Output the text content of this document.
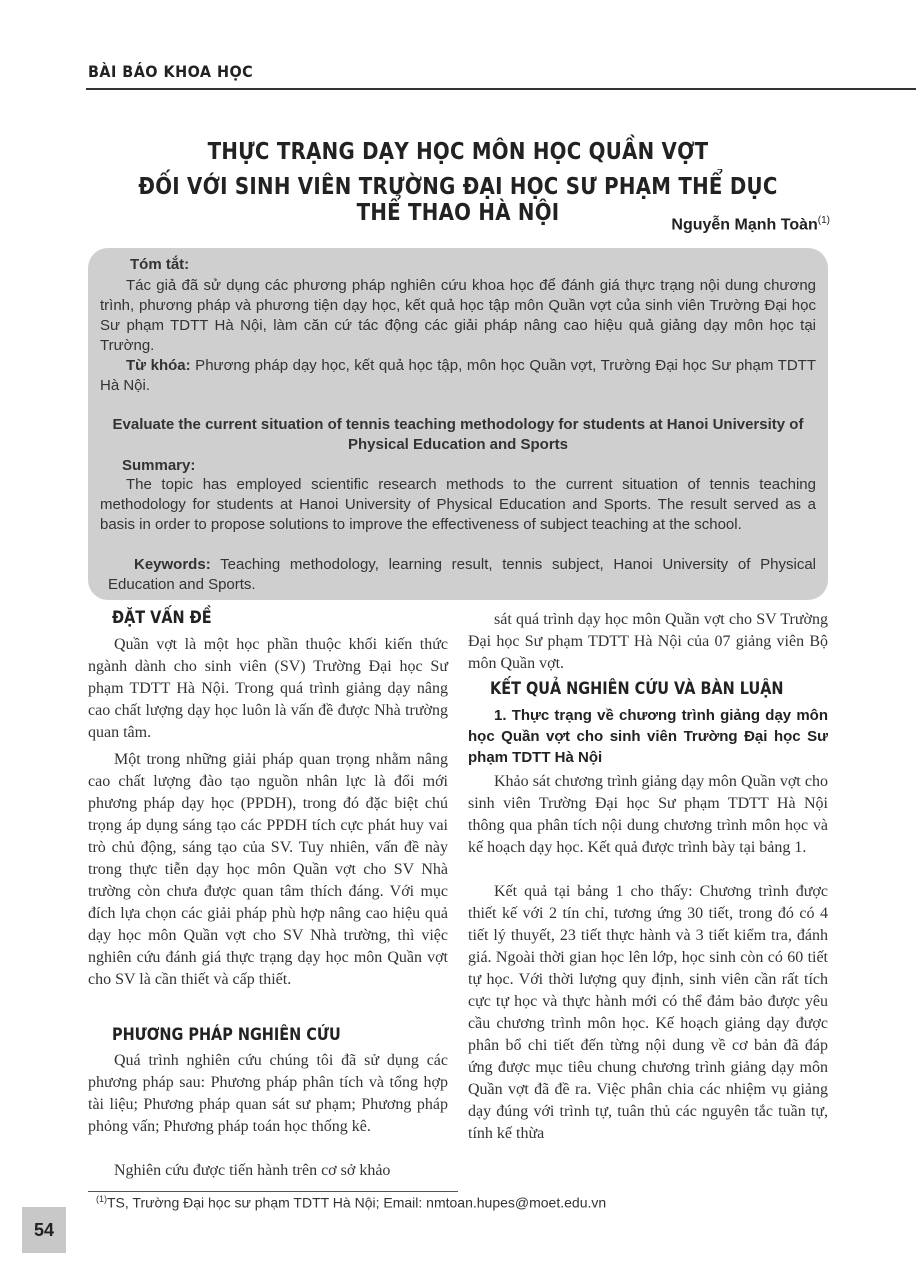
BÀI BÁO KHOA HỌC
THỰC TRẠNG DẠY HỌC MÔN HỌC QUẦN VỢT
ĐỐI VỚI SINH VIÊN TRƯỜNG ĐẠI HỌC SƯ PHẠM THỂ DỤC THỂ THAO HÀ NỘI	Nguyễn Mạnh Toàn$^{(1)}$
Tóm tắt:

Tác giả đã sử dụng các phương pháp nghiên cứu khoa học để đánh giá thực trạng nội dung chương trình, phương pháp và phương tiện dạy học, kết quả học tập môn Quần vợt của sinh viên Trường Đại học Sư phạm TDTT Hà Nội, làm căn cứ tác động các giải pháp nâng cao hiệu quả giảng dạy môn học tại Trường.

Từ khóa: Phương pháp dạy học, kết quả học tập, môn học Quần vợt, Trường Đại học Sư phạm TDTT Hà Nội.

Evaluate the current situation of tennis teaching methodology for students at Hanoi University of Physical Education and Sports
Summary:

The topic has employed scientific research methods to the current situation of tennis teaching methodology for students at Hanoi University of Physical Education and Sports. The result served as a basis in order to propose solutions to improve the effectiveness of subject teaching at the school.

Keywords: Teaching methodology, learning result, tennis subject, Hanoi University of Physical Education and Sports.

ĐẶT VẤN ĐỀ

Quần vợt là một học phần thuộc khối kiến thức ngành dành cho sinh viên (SV) Trường Đại học Sư phạm TDTT Hà Nội. Trong quá trình giảng dạy nâng cao chất lượng dạy học luôn là vấn đề được Nhà trường quan tâm.

Một trong những giải pháp quan trọng nhằm nâng cao chất lượng đào tạo nguồn nhân lực là đổi mới phương pháp dạy học (PPDH), trong đó đặc biệt chú trọng áp dụng sáng tạo các PPDH tích cực phát huy vai trò chủ động, sáng tạo của SV. Tuy nhiên, vấn đề này trong thực tiễn dạy học môn Quần vợt cho SV Nhà trường còn chưa được quan tâm thích đáng. Với mục đích lựa chọn các giải pháp phù hợp nâng cao hiệu quả dạy học môn Quần vợt cho SV Nhà trường, thì việc nghiên cứu đánh giá thực trạng dạy học môn Quần vợt cho SV là cần thiết và cấp thiết.

PHƯƠNG PHÁP NGHIÊN CỨU

Quá trình nghiên cứu chúng tôi đã sử dụng các phương pháp sau: Phương pháp phân tích và tổng hợp tài liệu; Phương pháp quan sát sư phạm; Phương pháp phỏng vấn; Phương pháp toán học thống kê.

Nghiên cứu được tiến hành trên cơ sở khảo

sát quá trình dạy học môn Quần vợt cho SV Trường Đại học Sư phạm TDTT Hà Nội của 07 giảng viên Bộ môn Quần vợt.

KẾT QUẢ NGHIÊN CỨU VÀ BÀN LUẬN

1. Thực trạng về chương trình giảng dạy môn học Quần vợt cho sinh viên Trường Đại học Sư phạm TDTT Hà Nội

Khảo sát chương trình giảng dạy môn Quần vợt cho sinh viên Trường Đại học Sư phạm TDTT Hà Nội thông qua phân tích nội dung chương trình môn học và kế hoạch dạy học. Kết quả được trình bày tại bảng 1.

Kết quả tại bảng 1 cho thấy: Chương trình được thiết kế với 2 tín chỉ, tương ứng 30 tiết, trong đó có 4 tiết lý thuyết, 23 tiết thực hành và 3 tiết kiểm tra, đánh giá. Ngoài thời gian học lên lớp, học sinh còn có 60 tiết tự học. Với thời lượng quy định, sinh viên cần rất tích cực tự học và thực hành mới có thể đảm bảo được yêu cầu chương trình môn học. Kế hoạch giảng dạy được phân bổ chi tiết đến từng nội dung về cơ bản đã đáp ứng được mục tiêu chung chương trình giảng dạy môn Quần vợt đã đề ra. Việc phân chia các nhiệm vụ giảng dạy đúng với trình tự, tuân thủ các nguyên tắc tuần tự, tính kế thừa

$^{(1)}$TS, Trường Đại học sư phạm TDTT Hà Nội; Email: nmtoan.hupes@moet.edu.vn
54
